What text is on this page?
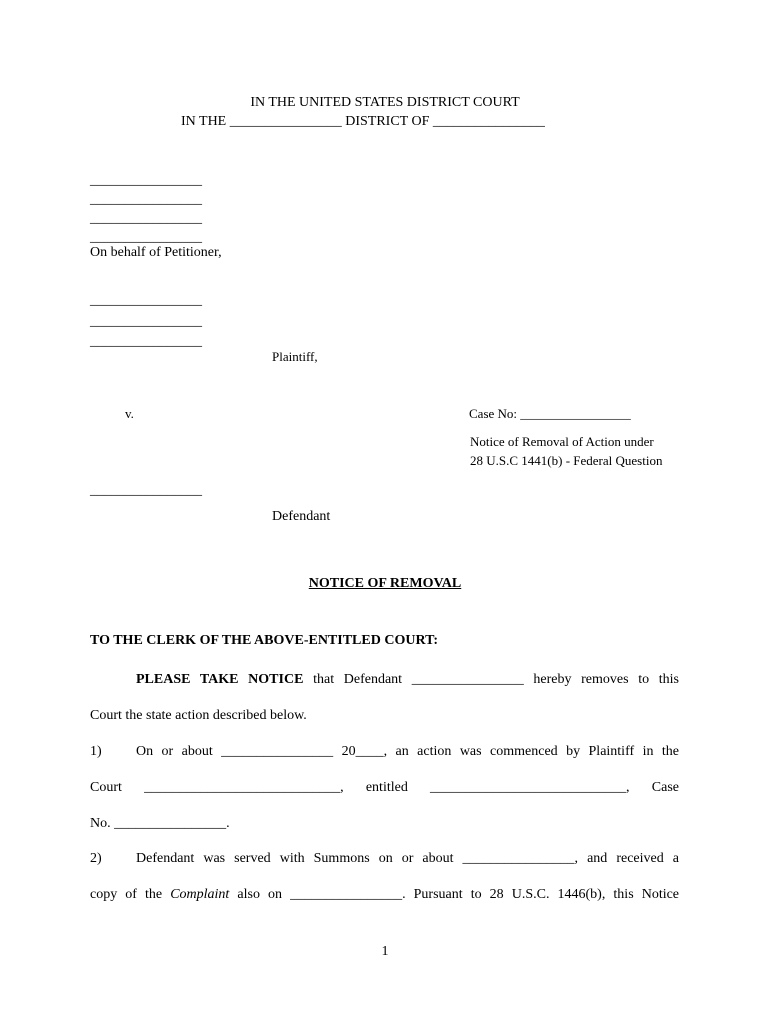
IN THE UNITED STATES DISTRICT COURT
IN THE ________________ DISTRICT OF ________________
________________
________________
________________
________________
On behalf of Petitioner,
________________
________________
________________
Plaintiff,
v.	Case No: _________________
Notice of Removal of Action under
28 U.S.C 1441(b) - Federal Question
________________
Defendant
NOTICE OF REMOVAL
TO THE CLERK OF THE ABOVE-ENTITLED COURT:
PLEASE TAKE NOTICE that Defendant ________________ hereby removes to this
Court the state action described below.
1) On or about ________________ 20____, an action was commenced by Plaintiff in the
Court ____________________________, entitled ____________________________, Case
No. ________________.
2) Defendant was served with Summons on or about ________________, and received a
copy of the Complaint also on ________________. Pursuant to 28 U.S.C. 1446(b), this Notice
1
